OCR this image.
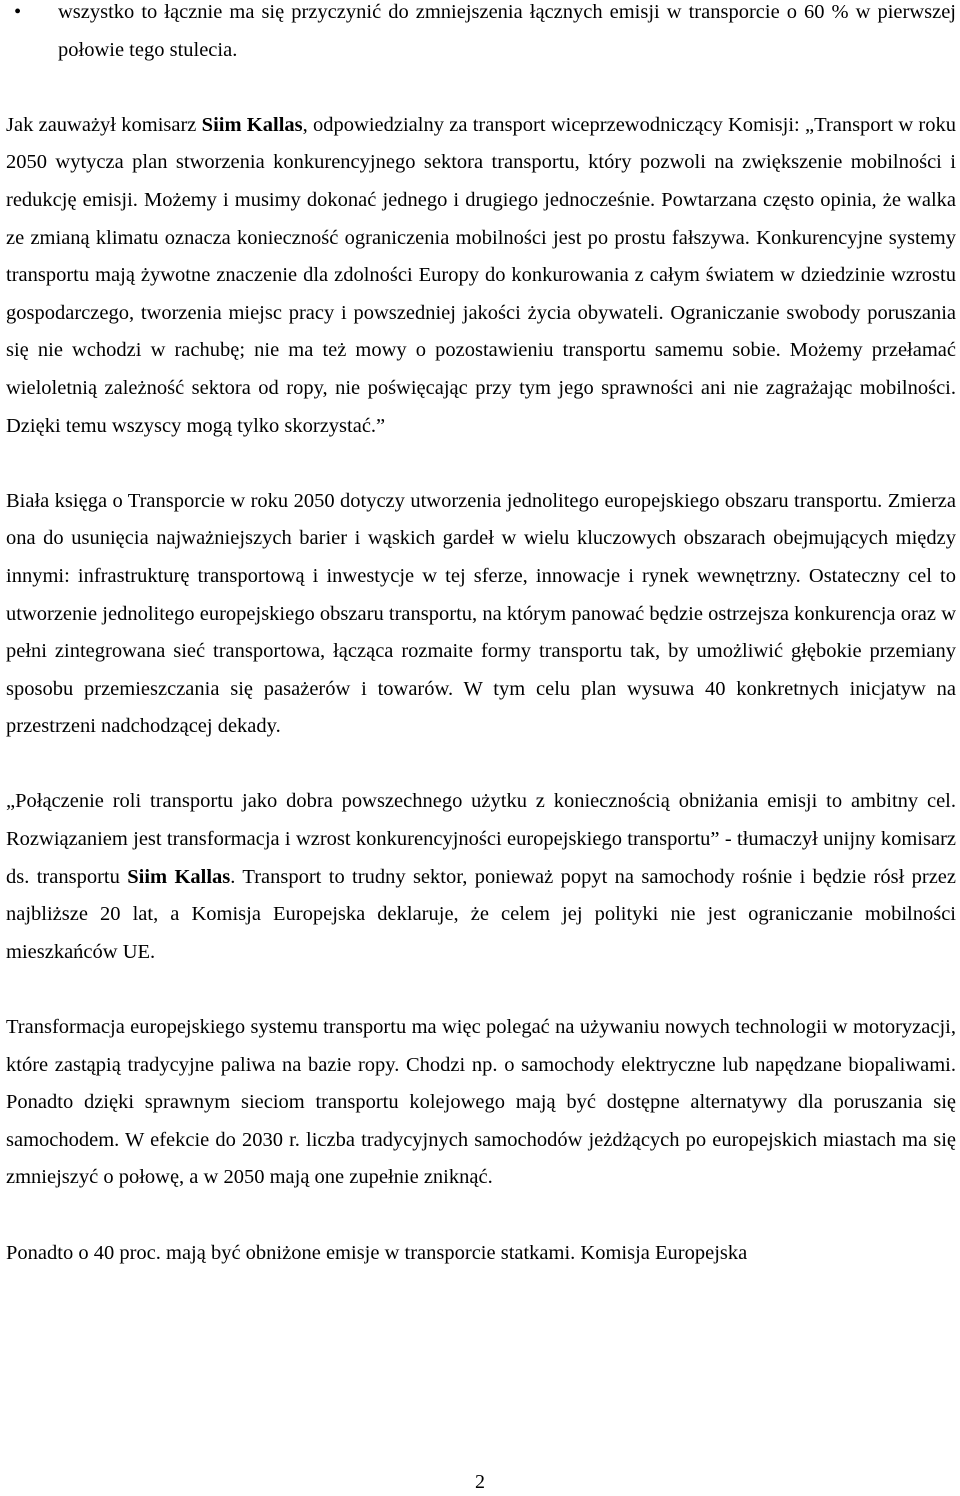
• wszystko to łącznie ma się przyczynić do zmniejszenia łącznych emisji w transporcie o 60 % w pierwszej połowie tego stulecia.

Jak zauważył komisarz Siim Kallas, odpowiedzialny za transport wiceprzewodniczący Komisji: „Transport w roku 2050 wytycza plan stworzenia konkurencyjnego sektora transportu, który pozwoli na zwiększenie mobilności i redukcję emisji. Możemy i musimy dokonać jednego i drugiego jednocześnie. Powtarzana często opinia, że walka ze zmianą klimatu oznacza konieczność ograniczenia mobilności jest po prostu fałszywa. Konkurencyjne systemy transportu mają żywotne znaczenie dla zdolności Europy do konkurowania z całym światem w dziedzinie wzrostu gospodarczego, tworzenia miejsc pracy i powszedniej jakości życia obywateli. Ograniczanie swobody poruszania się nie wchodzi w rachubę; nie ma też mowy o pozostawieniu transportu samemu sobie. Możemy przełamać wieloletnią zależność sektora od ropy, nie poświęcając przy tym jego sprawności ani nie zagrażając mobilności. Dzięki temu wszyscy mogą tylko skorzystać.”

Biała księga o Transporcie w roku 2050 dotyczy utworzenia jednolitego europejskiego obszaru transportu. Zmierza ona do usunięcia najważniejszych barier i wąskich gardeł w wielu kluczowych obszarach obejmujących między innymi: infrastrukturę transportową i inwestycje w tej sferze, innowacje i rynek wewnętrzny. Ostateczny cel to utworzenie jednolitego europejskiego obszaru transportu, na którym panować będzie ostrzejsza konkurencja oraz w pełni zintegrowana sieć transportowa, łącząca rozmaite formy transportu tak, by umożliwić głębokie przemiany sposobu przemieszczania się pasażerów i towarów. W tym celu plan wysuwa 40 konkretnych inicjatyw na przestrzeni nadchodzącej dekady.

„Połączenie roli transportu jako dobra powszechnego użytku z koniecznością obniżania emisji to ambitny cel. Rozwiązaniem jest transformacja i wzrost konkurencyjności europejskiego transportu” - tłumaczył unijny komisarz ds. transportu Siim Kallas. Transport to trudny sektor, ponieważ popyt na samochody rośnie i będzie rósł przez najbliższe 20 lat, a Komisja Europejska deklaruje, że celem jej polityki nie jest ograniczanie mobilności mieszkańców UE.

Transformacja europejskiego systemu transportu ma więc polegać na używaniu nowych technologii w motoryzacji, które zastąpią tradycyjne paliwa na bazie ropy. Chodzi np. o samochody elektryczne lub napędzane biopaliwami. Ponadto dzięki sprawnym sieciom transportu kolejowego mają być dostępne alternatywy dla poruszania się samochodem. W efekcie do 2030 r. liczba tradycyjnych samochodów jeżdżących po europejskich miastach ma się zmniejszyć o połowę, a w 2050 mają one zupełnie zniknąć.

Ponadto o 40 proc. mają być obniżone emisje w transporcie statkami. Komisja Europejska

2
